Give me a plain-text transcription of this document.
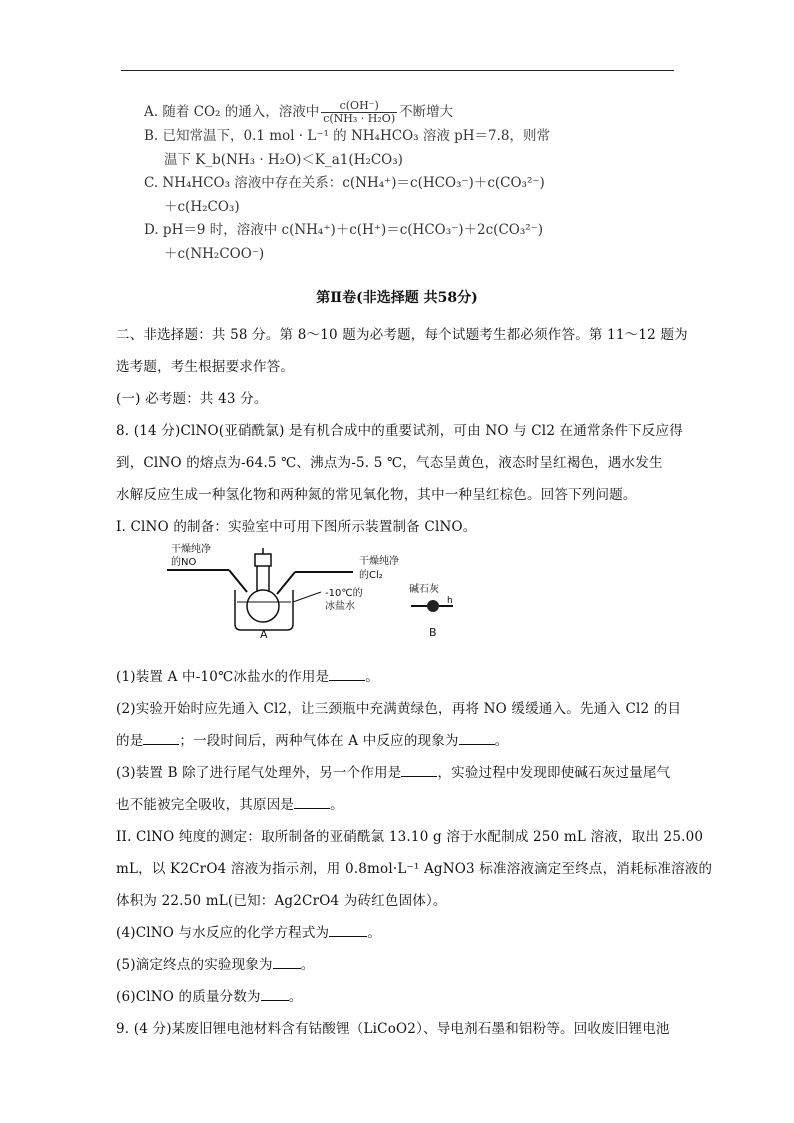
A. 随着 CO₂ 的通入，溶液中 $\frac{c(OH^-)}{\text{c(NH₃ · H₂O)}}$ 不断增大
B. 已知常温下，0.1 mol · L⁻¹ 的 NH₄HCO₃ 溶液 pH＝7.8，则常
温下 K_b(NH₃ · H₂O)＜K_a1(H₂CO₃)
C. NH₄HCO₃ 溶液中存在关系：c(NH₄⁺)＝c(HCO₃⁻)＋c(CO₃²⁻)
＋c(H₂CO₃)
D. pH＝9 时，溶液中 c(NH₄⁺)＋c(H⁺)＝c(HCO₃⁻)＋2c(CO₃²⁻)
＋c(NH₂COO⁻)
第Ⅱ卷(非选择题 共58分)
二、非选择题：共 58 分。第 8～10 题为必考题，每个试题考生都必须作答。第 11～12 题为
选考题，考生根据要求作答。
(一) 必考题：共 43 分。
8. (14 分)ClNO(亚硝酰氯) 是有机合成中的重要试剂，可由 NO 与 Cl2 在通常条件下反应得
到，ClNO 的熔点为-64.5 ℃、沸点为-5. 5 ℃，气态呈黄色，液态时呈红褐色，遇水发生
水解反应生成一种氢化物和两种氮的常见氧化物，其中一种呈红棕色。回答下列问题。
I. ClNO 的制备：实验室中可用下图所示装置制备 ClNO。
干燥纯净
的NO	干燥纯净
的Cl₂
-10℃的
冰盐水
A
碱石灰
h
B
(1)装置 A 中-10℃冰盐水的作用是	。
(2)实验开始时应先通入 Cl2，让三颈瓶中充满黄绿色，再将 NO 缓缓通入。先通入 Cl2 的目
的是	；一段时间后，两种气体在 A 中反应的现象为	。
(3)装置 B 除了进行尾气处理外，另一个作用是	，实验过程中发现即使碱石灰过量尾气
也不能被完全吸收，其原因是	。
II. ClNO 纯度的测定：取所制备的亚硝酰氯 13.10 g 溶于水配制成 250 mL 溶液，取出 25.00
mL，以 K2CrO4 溶液为指示剂，用 0.8mol·L⁻¹ AgNO3 标准溶液滴定至终点，消耗标准溶液的
体积为 22.50 mL(已知：Ag2CrO4 为砖红色固体）。
(4)ClNO 与水反应的化学方程式为	。
(5)滴定终点的实验现象为 。
(6)ClNO 的质量分数为 。
9. (4 分)某废旧锂电池材料含有钴酸锂（LiCoO2）、导电剂石墨和铝粉等。回收废旧锂电池
